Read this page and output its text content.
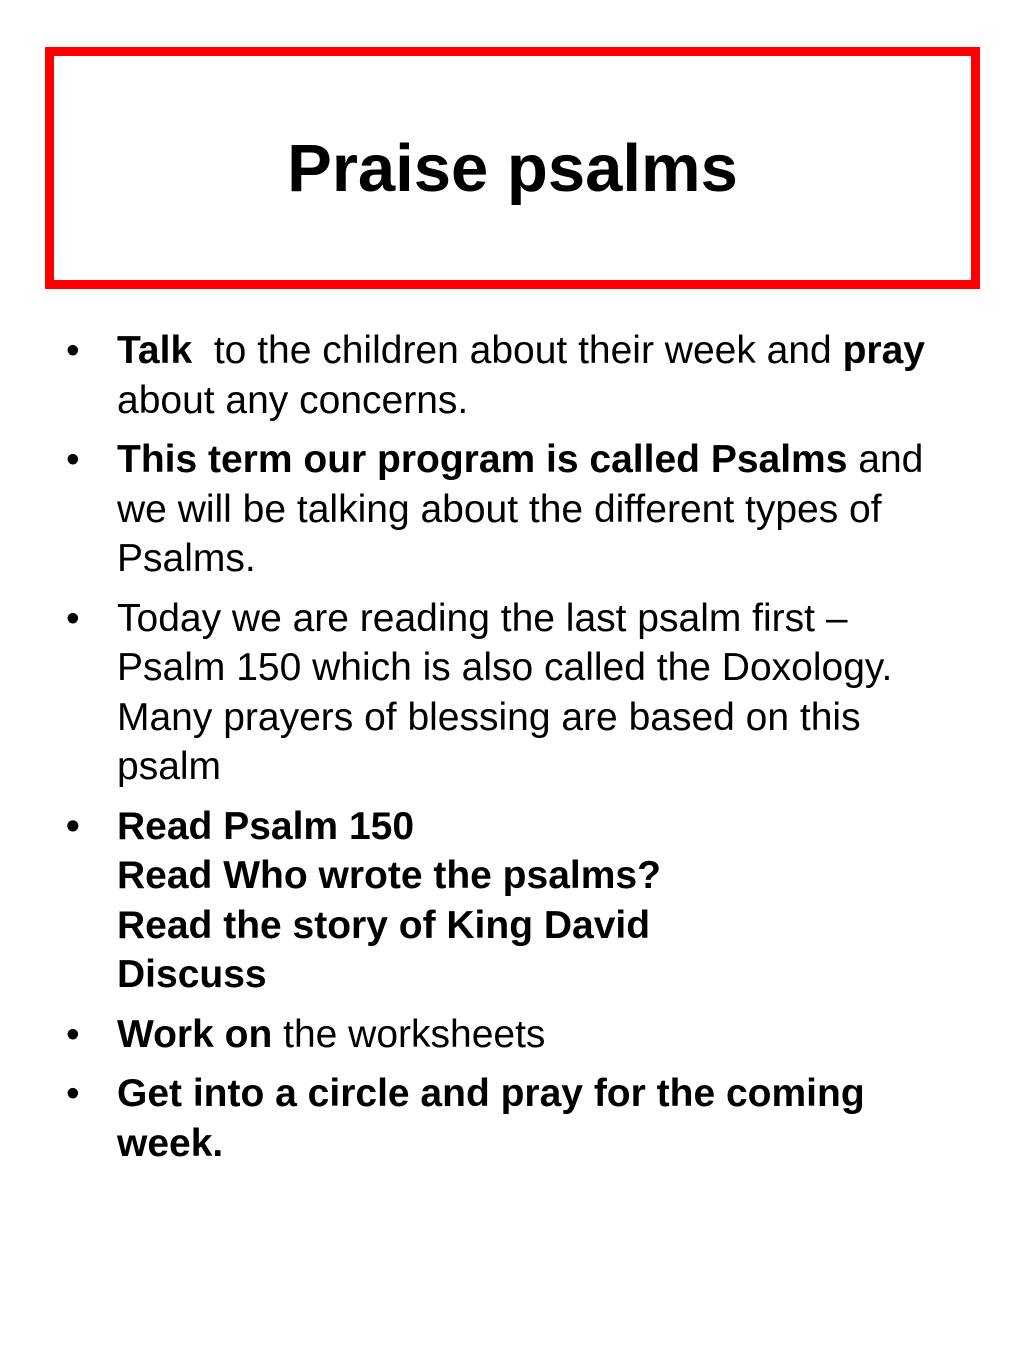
Praise psalms
• Talk to the children about their week and pray about any concerns.
• This term our program is called Psalms and we will be talking about the different types of Psalms.
• Today we are reading the last psalm first – Psalm 150 which is also called the Doxology. Many prayers of blessing are based on this psalm
• Read Psalm 150
Read Who wrote the psalms?
Read the story of King David
Discuss
• Work on the worksheets
• Get into a circle and pray for the coming week.
